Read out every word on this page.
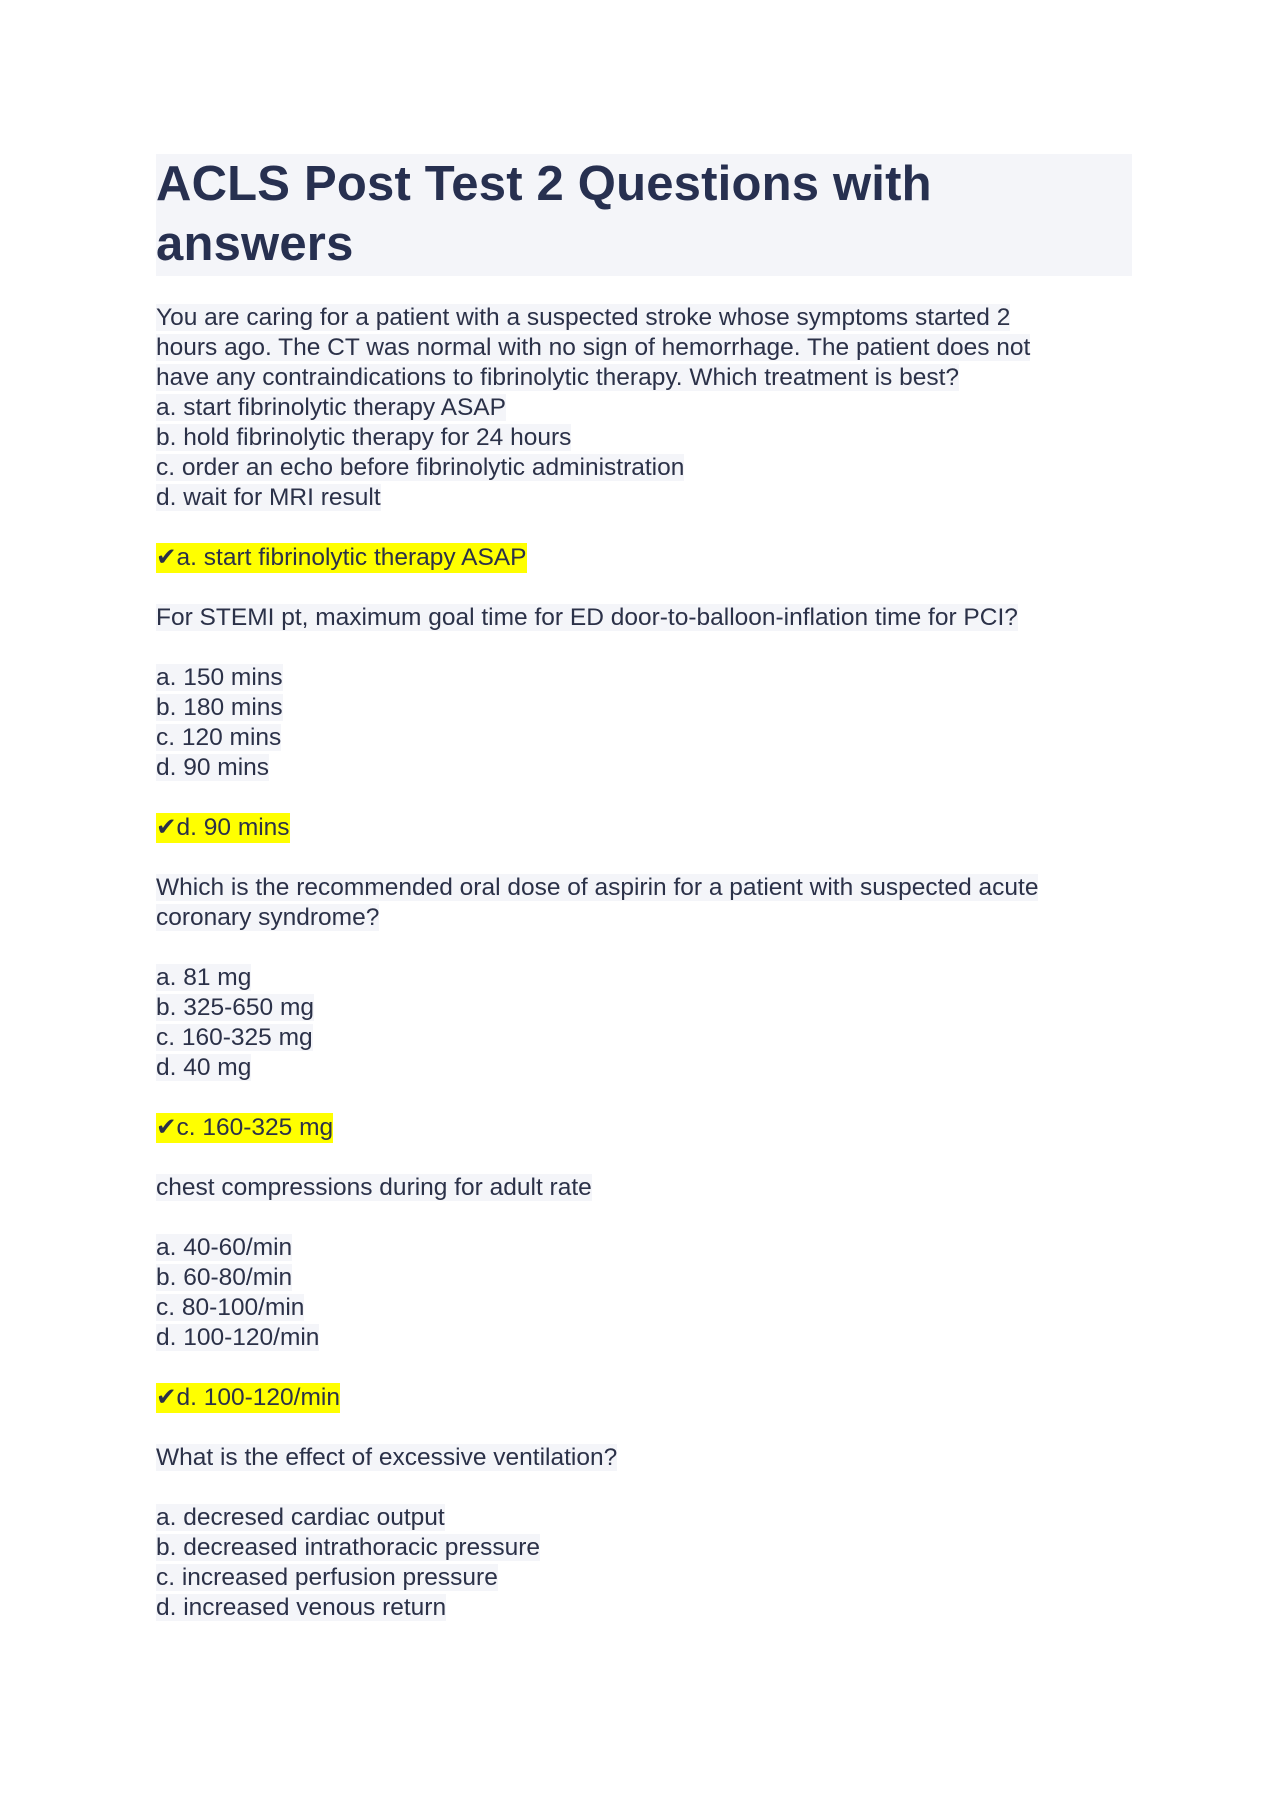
ACLS Post Test 2 Questions with answers
You are caring for a patient with a suspected stroke whose symptoms started 2
hours ago. The CT was normal with no sign of hemorrhage. The patient does not
have any contraindications to fibrinolytic therapy. Which treatment is best?
a. start fibrinolytic therapy ASAP
b. hold fibrinolytic therapy for 24 hours
c. order an echo before fibrinolytic administration
d. wait for MRI result
✔a. start fibrinolytic therapy ASAP
For STEMI pt, maximum goal time for ED door-to-balloon-inflation time for PCI?
a. 150 mins
b. 180 mins
c. 120 mins
d. 90 mins
✔d. 90 mins
Which is the recommended oral dose of aspirin for a patient with suspected acute
coronary syndrome?
a. 81 mg
b. 325-650 mg
c. 160-325 mg
d. 40 mg
✔c. 160-325 mg
chest compressions during for adult rate
a. 40-60/min
b. 60-80/min
c. 80-100/min
d. 100-120/min
✔d. 100-120/min
What is the effect of excessive ventilation?
a. decresed cardiac output
b. decreased intrathoracic pressure
c. increased perfusion pressure
d. increased venous return
